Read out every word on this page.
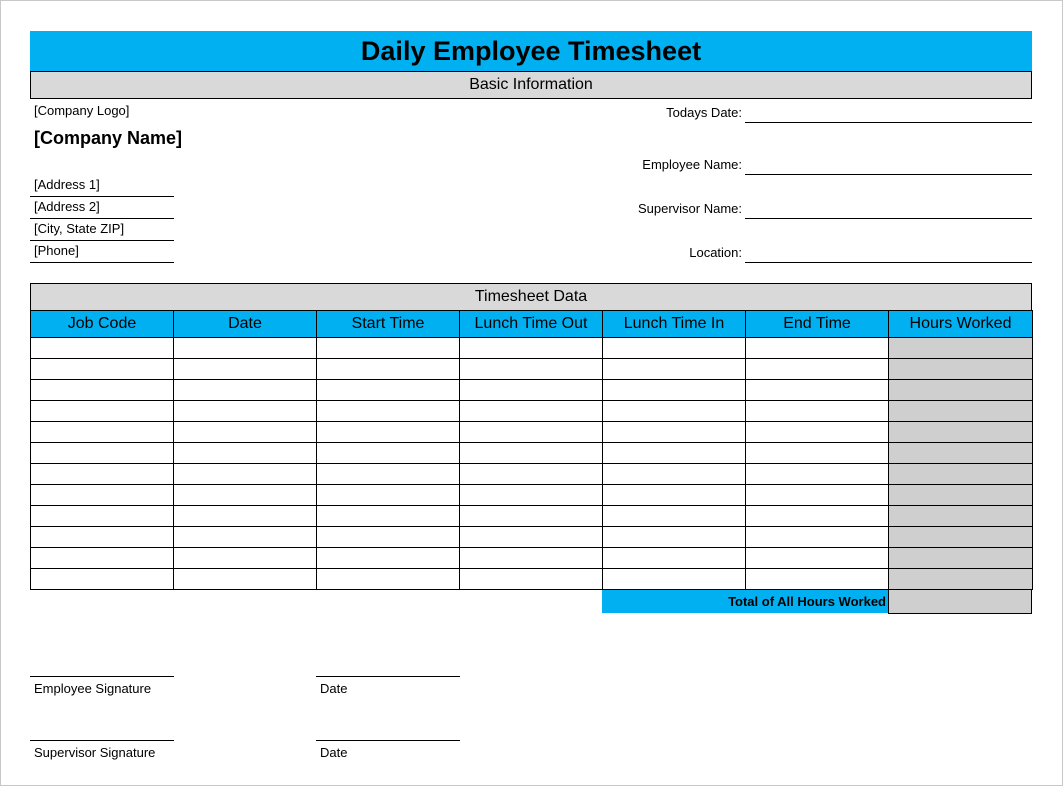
Daily Employee Timesheet
Basic Information
[Company Logo]
[Company Name]
[Address 1]
[Address 2]
[City, State ZIP]
[Phone]
Todays Date:
Employee Name:
Supervisor Name:
Location:
Timesheet Data
Job Code	Date	Start Time	Lunch Time Out	Lunch Time In	End Time	Hours Worked

Total of All Hours Worked
Employee Signature	Date
Supervisor Signature	Date
